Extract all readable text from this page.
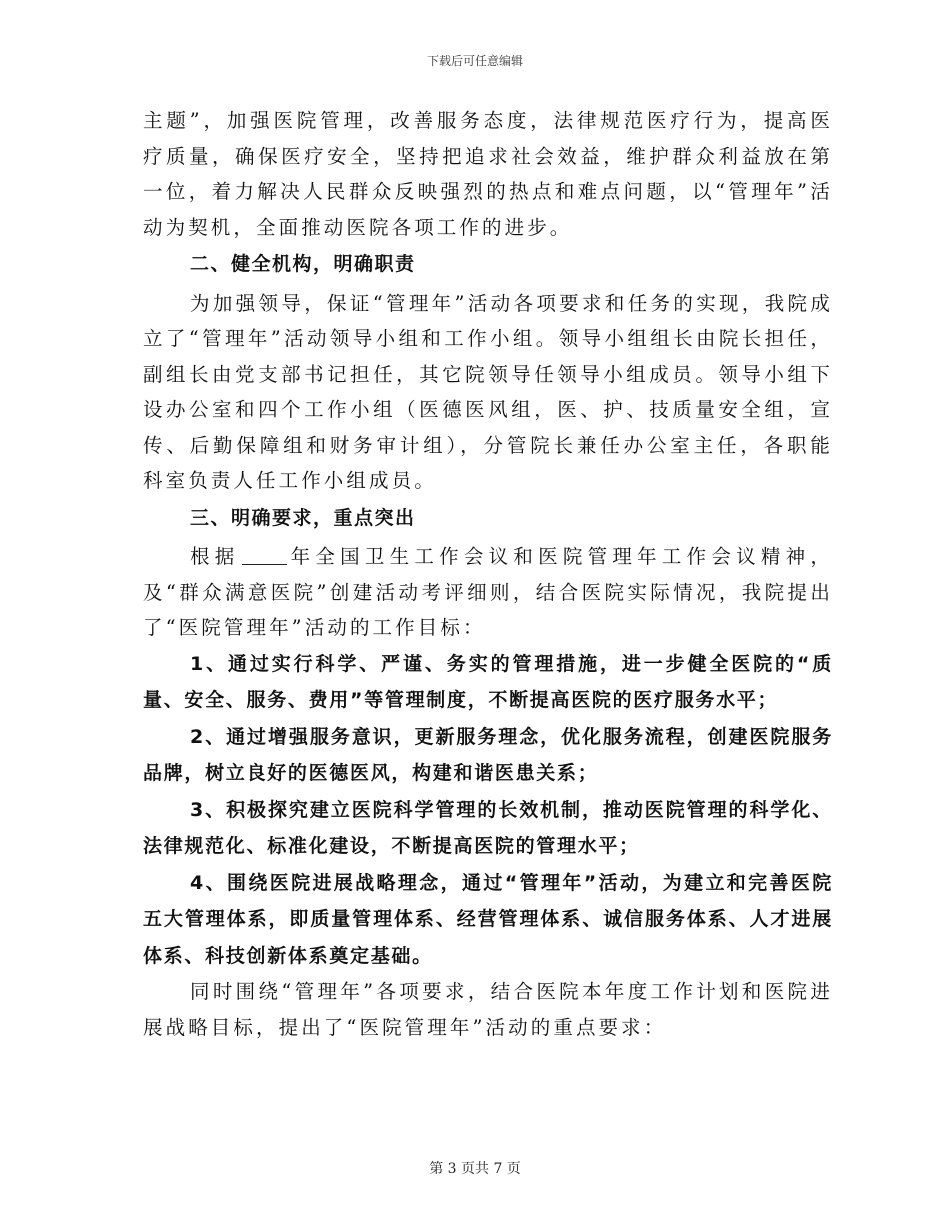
下载后可任意编辑

主题”，加强医院管理，改善服务态度，法律规范医疗行为，提高医疗质量，确保医疗安全，坚持把追求社会效益，维护群众利益放在第一位，着力解决人民群众反映强烈的热点和难点问题，以“管理年”活动为契机，全面推动医院各项工作的进步。

二、健全机构，明确职责

为加强领导，保证“管理年”活动各项要求和任务的实现，我院成立了“管理年”活动领导小组和工作小组。领导小组组长由院长担任，副组长由党支部书记担任，其它院领导任领导小组成员。领导小组下设办公室和四个工作小组（医德医风组，医、护、技质量安全组，宣传、后勤保障组和财务审计组），分管院长兼任办公室主任，各职能科室负责人任工作小组成员。

三、明确要求，重点突出

根据	年全国卫生工作会议和医院管理年工作会议精神，及“群众满意医院”创建活动考评细则，结合医院实际情况，我院提出了“医院管理年”活动的工作目标：

1、通过实行科学、严谨、务实的管理措施，进一步健全医院的“质量、安全、服务、费用”等管理制度，不断提高医院的医疗服务水平；

2、通过增强服务意识，更新服务理念，优化服务流程，创建医院服务品牌，树立良好的医德医风，构建和谐医患关系；

3、积极探究建立医院科学管理的长效机制，推动医院管理的科学化、法律规范化、标准化建设，不断提高医院的管理水平；

4、围绕医院进展战略理念，通过“管理年”活动，为建立和完善医院五大管理体系，即质量管理体系、经营管理体系、诚信服务体系、人才进展体系、科技创新体系奠定基础。

同时围绕“管理年”各项要求，结合医院本年度工作计划和医院进展战略目标，提出了“医院管理年”活动的重点要求：

第 3 页共 7 页
